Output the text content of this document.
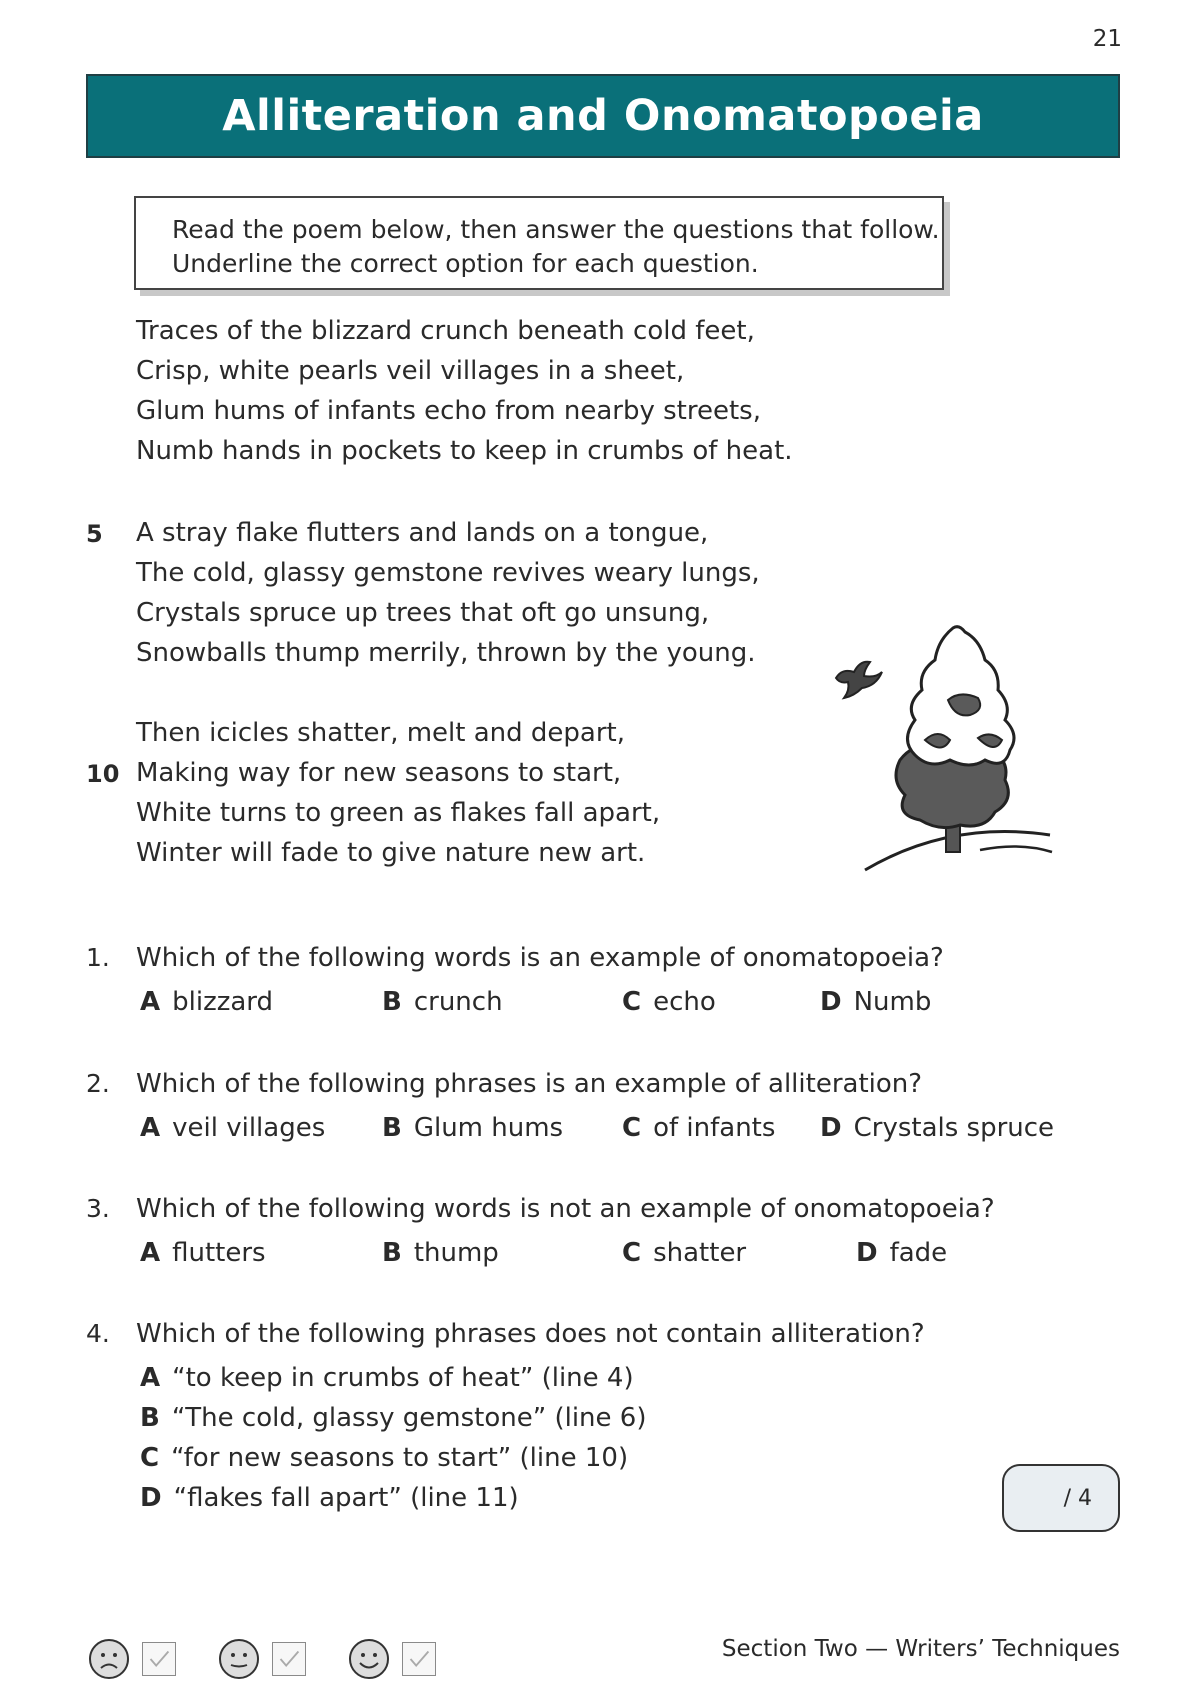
21
Alliteration and Onomatopoeia
Read the poem below, then answer the questions that follow.
Underline the correct option for each question.
Traces of the blizzard crunch beneath cold feet,
Crisp, white pearls veil villages in a sheet,
Glum hums of infants echo from nearby streets,
Numb hands in pockets to keep in crumbs of heat.
5 A stray flake flutters and lands on a tongue,
The cold, glassy gemstone revives weary lungs,
Crystals spruce up trees that oft go unsung,
Snowballs thump merrily, thrown by the young.
Then icicles shatter, melt and depart,
10 Making way for new seasons to start,
White turns to green as flakes fall apart,
Winter will fade to give nature new art.
1. Which of the following words is an example of onomatopoeia?
A blizzard	B crunch	C echo	D Numb
2. Which of the following phrases is an example of alliteration?
A veil villages B Glum hums C of infants D Crystals spruce
3. Which of the following words is not an example of onomatopoeia?
A flutters	B thump	C shatter	D fade
4. Which of the following phrases does not contain alliteration?
A “to keep in crumbs of heat” (line 4)
B “The cold, glassy gemstone” (line 6)
C “for new seasons to start” (line 10)
D “flakes fall apart” (line 11)	/ 4
Section Two — Writers’ Techniques
